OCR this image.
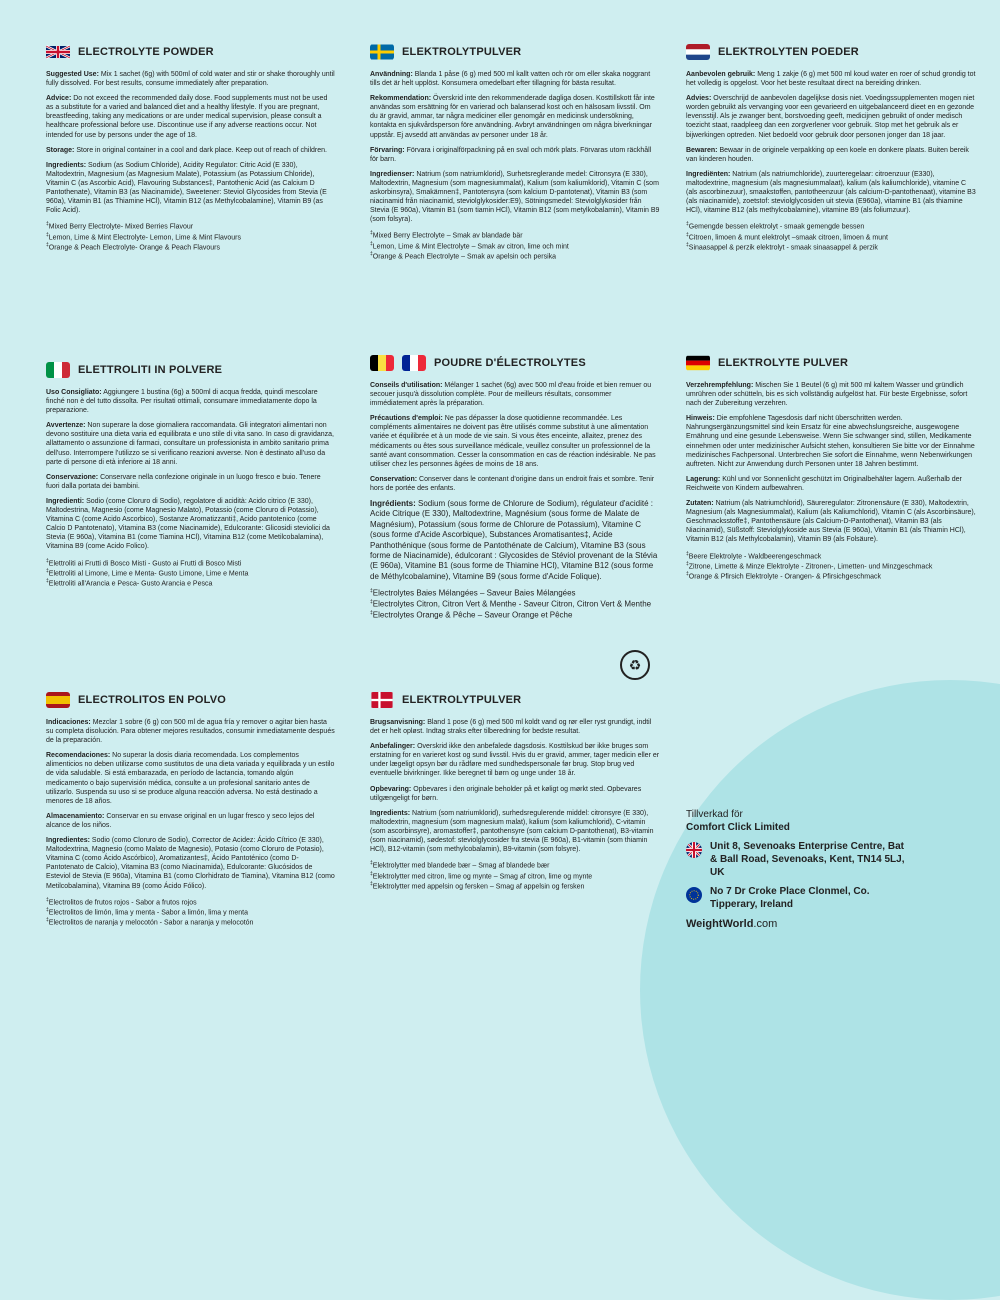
ELECTROLYTE POWDER
Suggested Use: Mix 1 sachet (6g) with 500ml of cold water and stir or shake thoroughly until fully dissolved. For best results, consume immediately after preparation.
Advice: Do not exceed the recommended daily dose. Food supplements must not be used as a substitute for a varied and balanced diet and a healthy lifestyle. If you are pregnant, breastfeeding, taking any medications or are under medical supervision, please consult a healthcare professional before use. Discontinue use if any adverse reactions occur. Not intended for use by persons under the age of 18.
Storage: Store in original container in a cool and dark place. Keep out of reach of children.
Ingredients: Sodium (as Sodium Chloride), Acidity Regulator: Citric Acid (E 330), Maltodextrin, Magnesium (as Magnesium Malate), Potassium (as Potassium Chloride), Vitamin C (as Ascorbic Acid), Flavouring Substances‡, Pantothenic Acid (as Calcium D Pantothenate), Vitamin B3 (as Niacinamide), Sweetener: Steviol Glycosides from Stevia (E 960a), Vitamin B1 (as Thiamine HCl), Vitamin B12 (as Methylcobalamine), Vitamin B9 (as Folic Acid).
‡Mixed Berry Electrolyte- Mixed Berries Flavour
‡Lemon, Lime & Mint Electrolyte- Lemon, Lime & Mint Flavours
‡Orange & Peach Electrolyte- Orange & Peach Flavours
ELEKTROLYTPULVER
Användning: Blanda 1 påse (6 g) med 500 ml kallt vatten och rör om eller skaka noggrant tills det är helt upplöst. Konsumera omedelbart efter tillagning för bästa resultat.
Rekommendation: Överskrid inte den rekommenderade dagliga dosen. Kosttillskott får inte användas som ersättning för en varierad och balanserad kost och en hälsosam livsstil. Om du är gravid, ammar, tar några mediciner eller genomgår en medicinsk undersökning, kontakta en sjukvårdsperson före användning. Avbryt användningen om några biverkningar uppstår. Ej avsedd att användas av personer under 18 år.
Förvaring: Förvara i originalförpackning på en sval och mörk plats. Förvaras utom räckhåll för barn.
Ingredienser: Natrium (som natriumklorid), Surhetsreglerande medel: Citronsyra (E 330), Maltodextrin, Magnesium (som magnesiummalat), Kalium (som kaliumklorid), Vitamin C (som askorbinsyra), Smakämnen‡, Pantotensyra (som kalcium D-pantotenat), Vitamin B3 (som niacinamid från niacinamid, steviolglykosider:E9), Sötningsmedel: Steviolglykosider från Stevia (E 960a), Vitamin B1 (som tiamin HCl), Vitamin B12 (som metylkobalamin), Vitamin B9 (som folsyra).
‡Mixed Berry Electrolyte – Smak av blandade bär
‡Lemon, Lime & Mint Electrolyte – Smak av citron, lime och mint
‡Orange & Peach Electrolyte – Smak av apelsin och persika
ELEKTROLYTEN POEDER
Aanbevolen gebruik: Meng 1 zakje (6 g) met 500 ml koud water en roer of schud grondig tot het volledig is opgelost. Voor het beste resultaat direct na bereiding drinken.
Advies: Overschrijd de aanbevolen dagelijkse dosis niet. Voedingssupplementen mogen niet worden gebruikt als vervanging voor een gevarieerd en uitgebalanceerd dieet en en gezonde levensstijl. Als je zwanger bent, borstvoeding geeft, medicijnen gebruikt of onder medisch toezicht staat, raadpleeg dan een zorgverlener voor gebruik. Stop met het gebruik als er bijwerkingen optreden. Niet bedoeld voor gebruik door personen jonger dan 18 jaar.
Bewaren: Bewaar in de originele verpakking op een koele en donkere plaats. Buiten bereik van kinderen houden.
Ingrediënten: Natrium (als natriumchloride), zuurteregelaar: citroenzuur (E330), maltodextrine, magnesium (als magnesiummalaat), kalium (als kaliumchloride), vitamine C (als ascorbinezuur), smaakstoffen, pantotheenzuur (als calcium-D-pantothenaat), vitamine B3 (als niacinamide), zoetstof: steviolglycosiden uit stevia (E960a), vitamine B1 (als thiamine HCl), vitamine B12 (als methylcobalamine), vitamine B9 (als foliumzuur).
‡Gemengde bessen elektrolyt - smaak gemengde bessen
‡Citroen, limoen & munt elektrolyt –smaak citroen, limoen & munt
‡Sinaasappel & perzik elektrolyt - smaak sinaasappel & perzik
ELETTROLITI IN POLVERE
Uso Consigliato: Aggiungere 1 bustina (6g) a 500ml di acqua fredda, quindi mescolare finché non è del tutto dissolta. Per risultati ottimali, consumare immediatamente dopo la preparazione.
Avvertenze: Non superare la dose giornaliera raccomandata. Gli integratori alimentari non devono sostituire una dieta varia ed equilibrata e uno stile di vita sano. In caso di gravidanza, allattamento o assunzione di farmaci, consultare un professionista in ambito sanitario prima dell'uso. Interrompere l'utilizzo se si verificano reazioni avverse. Non è destinato all'uso da parte di persone di età inferiore ai 18 anni.
Conservazione: Conservare nella confezione originale in un luogo fresco e buio. Tenere fuori dalla portata dei bambini.
Ingredienti: Sodio (come Cloruro di Sodio), regolatore di acidità: Acido citrico (E 330), Maltodestrina, Magnesio (come Magnesio Malato), Potassio (come Cloruro di Potassio), Vitamina C (come Acido Ascorbico), Sostanze Aromatizzanti‡, Acido pantotenico (come Calcio D Pantotenato), Vitamina B3 (come Niacinamide), Edulcorante: Glicosidi steviolici da Stevia (E 960a), Vitamina B1 (come Tiamina HCl), Vitamina B12 (come Metilcobalamina), Vitamina B9 (come Acido Folico).
‡Elettroliti ai Frutti di Bosco Misti - Gusto ai Frutti di Bosco Misti
‡Elettroliti al Limone, Lime e Menta- Gusto Limone, Lime e Menta
‡Elettroliti all'Arancia e Pesca- Gusto Arancia e Pesca
POUDRE D'ÉLECTROLYTES
Conseils d'utilisation: Mélanger 1 sachet (6g) avec 500 ml d'eau froide et bien remuer ou secouer jusqu'à dissolution complète. Pour de meilleurs résultats, consommer immédiatement après la préparation.
Précautions d'emploi: Ne pas dépasser la dose quotidienne recommandée. Les compléments alimentaires ne doivent pas être utilisés comme substitut à une alimentation variée et équilibrée et à un mode de vie sain. Si vous êtes enceinte, allaitez, prenez des médicaments ou êtes sous surveillance médicale, veuillez consulter un professionnel de la santé avant consommation. Cesser la consommation en cas de réaction indésirable. Ne pas utiliser chez les personnes âgées de moins de 18 ans.
Conservation: Conserver dans le contenant d'origine dans un endroit frais et sombre. Tenir hors de portée des enfants.
Ingrédients: Sodium (sous forme de Chlorure de Sodium), régulateur d'acidité : Acide Citrique (E 330), Maltodextrine, Magnésium (sous forme de Malate de Magnésium), Potassium (sous forme de Chlorure de Potassium), Vitamine C (sous forme d'Acide Ascorbique), Substances Aromatisantes‡, Acide Panthothénique (sous forme de Pantothénate de Calcium), Vitamine B3 (sous forme de Niacinamide), édulcorant : Glycosides de Stéviol provenant de la Stévia (E 960a), Vitamine B1 (sous forme de Thiamine HCl), Vitamine B12 (sous forme de Méthylcobalamine), Vitamine B9 (sous forme d'Acide Folique).
‡Electrolytes Baies Mélangées – Saveur Baies Mélangées
‡Electrolytes Citron, Citron Vert & Menthe - Saveur Citron, Citron Vert & Menthe
‡Electrolytes Orange & Pêche – Saveur Orange et Pêche
♻
ELEKTROLYTE PULVER
Verzehrempfehlung: Mischen Sie 1 Beutel (6 g) mit 500 ml kaltem Wasser und gründlich umrühren oder schütteln, bis es sich vollständig aufgelöst hat. Für beste Ergebnisse, sofort nach der Zubereitung verzehren.
Hinweis: Die empfohlene Tagesdosis darf nicht überschritten werden. Nahrungsergänzungsmittel sind kein Ersatz für eine abwechslungsreiche, ausgewogene Ernährung und eine gesunde Lebensweise. Wenn Sie schwanger sind, stillen, Medikamente einnehmen oder unter medizinischer Aufsicht stehen, konsultieren Sie bitte vor der Einnahme medizinisches Fachpersonal. Unterbrechen Sie sofort die Einnahme, wenn Nebenwirkungen auftreten. Nicht zur Anwendung durch Personen unter 18 Jahren bestimmt.
Lagerung: Kühl und vor Sonnenlicht geschützt im Originalbehälter lagern. Außerhalb der Reichweite von Kindern aufbewahren.
Zutaten: Natrium (als Natriumchlorid), Säureregulator: Zitronensäure (E 330), Maltodextrin, Magnesium (als Magnesiummalat), Kalium (als Kaliumchlorid), Vitamin C (als Ascorbinsäure), Geschmacksstoffe‡, Pantothensäure (als Calcium-D-Pantothenat), Vitamin B3 (als Niacinamid), Süßstoff: Steviolglykoside aus Stevia (E 960a), Vitamin B1 (als Thiamin HCl), Vitamin B12 (als Methylcobalamin), Vitamin B9 (als Folsäure).
‡Beere Elektrolyte - Waldbeerengeschmack
‡Zitrone, Limette & Minze Elektrolyte - Zitronen-, Limetten- und Minzgeschmack
‡Orange & Pfirsich Elektrolyte - Orangen- & Pfirsichgeschmack
ELECTROLITOS EN POLVO
Indicaciones: Mezclar 1 sobre (6 g) con 500 ml de agua fría y remover o agitar bien hasta su completa disolución. Para obtener mejores resultados, consumir inmediatamente después de la preparación.
Recomendaciones: No superar la dosis diaria recomendada. Los complementos alimenticios no deben utilizarse como sustitutos de una dieta variada y equilibrada y un estilo de vida saludable. Si está embarazada, en período de lactancia, tomando algún medicamento o bajo supervisión médica, consulte a un profesional sanitario antes de utilizarlo. Suspenda su uso si se produce alguna reacción adversa. No está destinado a menores de 18 años.
Almacenamiento: Conservar en su envase original en un lugar fresco y seco lejos del alcance de los niños.
Ingredientes: Sodio (como Cloruro de Sodio), Corrector de Acidez: Ácido Cítrico (E 330), Maltodextrina, Magnesio (como Malato de Magnesio), Potasio (como Cloruro de Potasio), Vitamina C (como Ácido Ascórbico), Aromatizantes‡, Ácido Pantoténico (como D-Pantotenato de Calcio), Vitamina B3 (como Niacinamida), Edulcorante: Glucósidos de Esteviol de Stevia (E 960a), Vitamina B1 (como Clorhidrato de Tiamina), Vitamina B12 (como Metilcobalamina), Vitamina B9 (como Ácido Fólico).
‡Electrolitos de frutos rojos - Sabor a frutos rojos
‡Electrolitos de limón, lima y menta - Sabor a limón, lima y menta
‡Electrolitos de naranja y melocotón - Sabor a naranja y melocotón
ELEKTROLYTPULVER
Brugsanvisning: Bland 1 pose (6 g) med 500 ml koldt vand og rør eller ryst grundigt, indtil det er helt opløst. Indtag straks efter tilberedning for bedste resultat.
Anbefalinger: Overskrid ikke den anbefalede dagsdosis. Kosttilskud bør ikke bruges som erstatning for en varieret kost og sund livsstil. Hvis du er gravid, ammer, tager medicin eller er under lægeligt opsyn bør du rådføre med sundhedspersonale før brug. Stop brug ved eventuelle bivirkninger. Ikke beregnet til børn og unge under 18 år.
Opbevaring: Opbevares i den originale beholder på et køligt og mørkt sted. Opbevares utilgængeligt for børn.
Ingredients: Natrium (som natriumklorid), surhedsregulerende middel: citronsyre (E 330), maltodextrin, magnesium (som magnesium malat), kalium (som kaliumchlorid), C-vitamin (som ascorbinsyre), aromastoffer‡, pantothensyre (som calcium D-pantothenat), B3-vitamin (som niacinamid), sødestof: steviolglycosider fra stevia (E 960a), B1-vitamin (som thiamin HCl), B12-vitamin (som methylcobalamin), B9-vitamin (som folsyre).
‡Elektrolytter med blandede bær – Smag af blandede bær
‡Elektrolytter med citron, lime og mynte – Smag af citron, lime og mynte
‡Elektrolytter med appelsin og fersken – Smag af appelsin og fersken
Tillverkad för
Comfort Click Limited
Unit 8, Sevenoaks Enterprise Centre, Bat & Ball Road, Sevenoaks, Kent, TN14 5LJ, UK
No 7 Dr Croke Place Clonmel, Co. Tipperary, Ireland
WeightWorld.com
